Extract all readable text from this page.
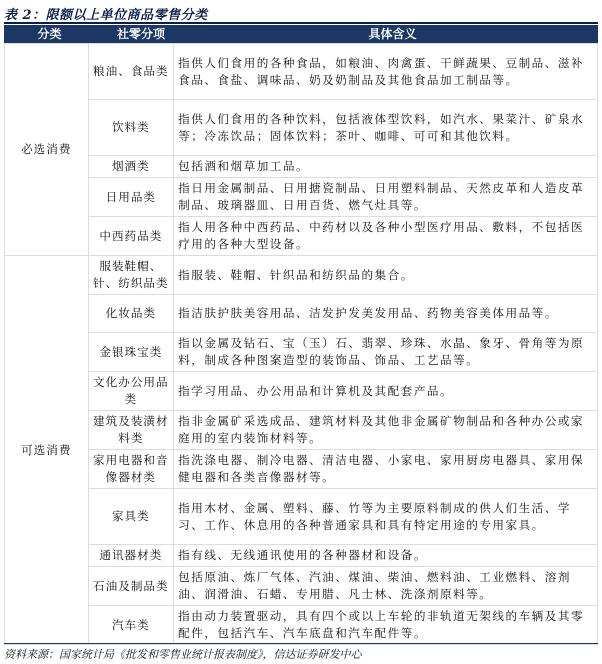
表 2：限额以上单位商品零售分类
分类	社零分项	具体含义
必选消费	粮油、食品类	指供人们食用的各种食品，如粮油、肉禽蛋、干鲜蔬果、豆制品、滋补食品、食盐、调味品、奶及奶制品及其他食品加工制品等。
	饮料类	指供人们食用的各种饮料，包括液体型饮料，如汽水、果菜汁、矿泉水等；冷冻饮品；固体饮料；茶叶、咖啡、可可和其他饮料。
	烟酒类	包括酒和烟草加工品。
	日用品类	指日用金属制品、日用搪瓷制品、日用塑料制品、天然皮革和人造皮革制品、玻璃器皿、日用百货、燃气灶具等。
	中西药品类	指人用各种中西药品、中药材以及各种小型医疗用品、敷料，不包括医疗用的各种大型设备。
可选消费	服装鞋帽、针、纺织品类	指服装、鞋帽、针织品和纺织品的集合。
	化妆品类	指洁肤护肤美容用品、洁发护发美发用品、药物美容美体用品等。
	金银珠宝类	指以金属及钻石、宝（玉）石、翡翠、珍珠、水晶、象牙、骨角等为原料，制成各种图案造型的装饰品、饰品、工艺品等。
	文化办公用品类	指学习用品、办公用品和计算机及其配套产品。
	建筑及装潢材料类	指非金属矿采选成品、建筑材料及其他非金属矿物制品和各种办公或家庭用的室内装饰材料等。
	家用电器和音像器材类	指洗涤电器、制冷电器、清洁电器、小家电、家用厨房电器具、家用保健电器和各类音像器材等。
	家具类	指用木材、金属、塑料、藤、竹等为主要原料制成的供人们生活、学习、工作、休息用的各种普通家具和具有特定用途的专用家具。
	通讯器材类	指有线、无线通讯使用的各种器材和设备。
	石油及制品类	包括原油、炼厂气体、汽油、煤油、柴油、燃料油、工业燃料、溶剂油、润滑油、石蜡、专用腊、凡士林、洗涤剂原料等。
	汽车类	指由动力装置驱动，具有四个或以上车轮的非轨道无架线的车辆及其零配件，包括汽车、汽车底盘和汽车配件等。
资料来源：国家统计局《批发和零售业统计报表制度》，信达证券研发中心
